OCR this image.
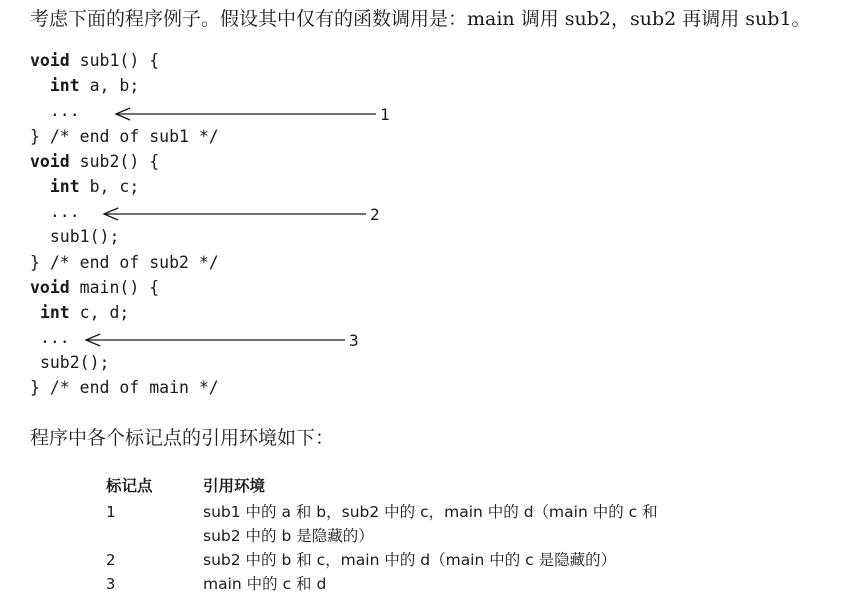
考虑下面的程序例子。假设其中仅有的函数调用是：main 调用 sub2，sub2 再调用 sub1。
void sub1() {
int a, b;
...
} /* end of sub1 */
void sub2() {
int b, c;
...
sub1();
} /* end of sub2 */
void main() {
int c, d;
...
sub2();
} /* end of main */
1
2
3
程序中各个标记点的引用环境如下：
标记点	引用环境
1	sub1 中的 a 和 b，sub2 中的 c，main 中的 d（main 中的 c 和
sub2 中的 b 是隐藏的）
2	sub2 中的 b 和 c，main 中的 d（main 中的 c 是隐藏的）
3	main 中的 c 和 d
